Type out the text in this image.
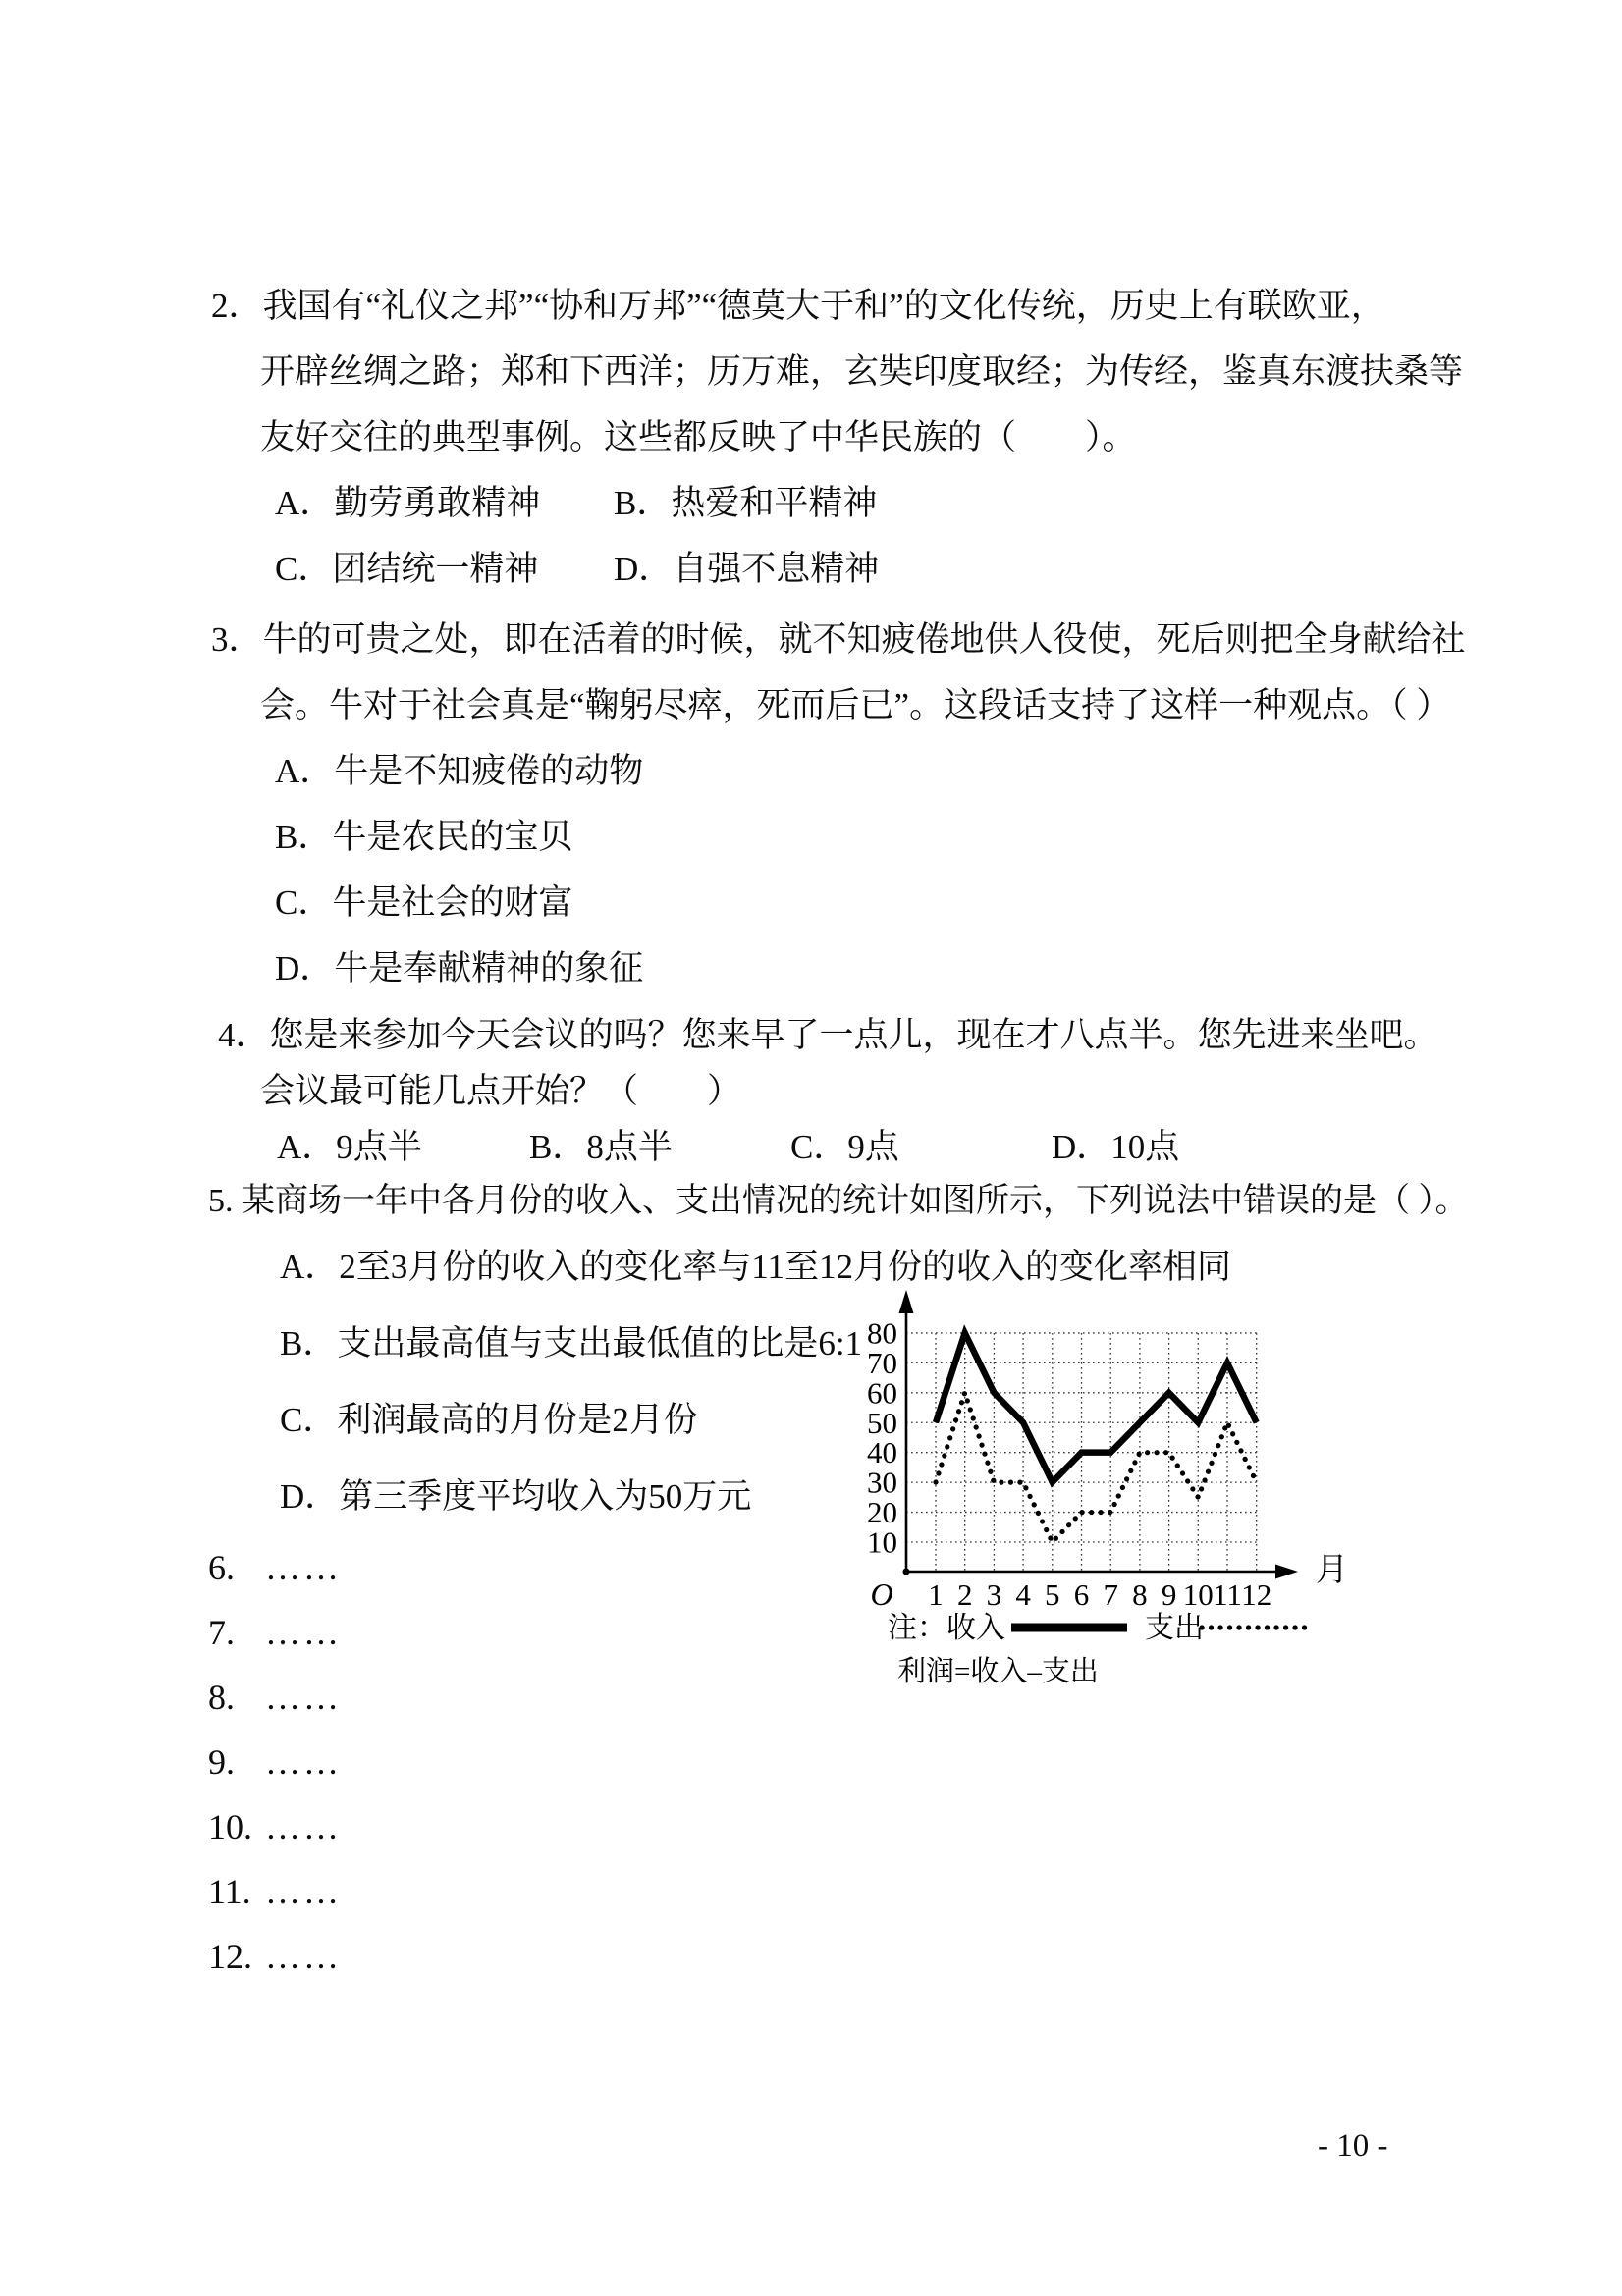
2．我国有“礼仪之邦”“协和万邦”“德莫大于和”的文化传统，历史上有联欧亚，
开辟丝绸之路；郑和下西洋；历万难，玄奘印度取经；为传经，鉴真东渡扶桑等
友好交往的典型事例。这些都反映了中华民族的（　　）。
A．勤劳勇敢精神	B．热爱和平精神
C．团结统一精神	D．自强不息精神
3．牛的可贵之处，即在活着的时候，就不知疲倦地供人役使，死后则把全身献给社
会。牛对于社会真是“鞠躬尽瘁，死而后已”。这段话支持了这样一种观点。（ ）
A．牛是不知疲倦的动物
B．牛是农民的宝贝
C．牛是社会的财富
D．牛是奉献精神的象征
4．您是来参加今天会议的吗？您来早了一点儿，现在才八点半。您先进来坐吧。
会议最可能几点开始？（　　）
A．9点半	B．8点半	C．9点	D．10点
5. 某商场一年中各月份的收入、支出情况的统计如图所示，下列说法中错误的是（ ）。
A．2至3月份的收入的变化率与11至12月份的收入的变化率相同
B．支出最高值与支出最低值的比是6:1
C．利润最高的月份是2月份
D．第三季度平均收入为50万元
10
20
30
40
50
60
70
80
1 2 3 4 5 6 7 8 9 10 11 12
O
月
注：收入	支出
利润=收入–支出
6. ……
7. ……
8. ……
9. ……
10. ……
11. ……
12. ……
- 10 -
